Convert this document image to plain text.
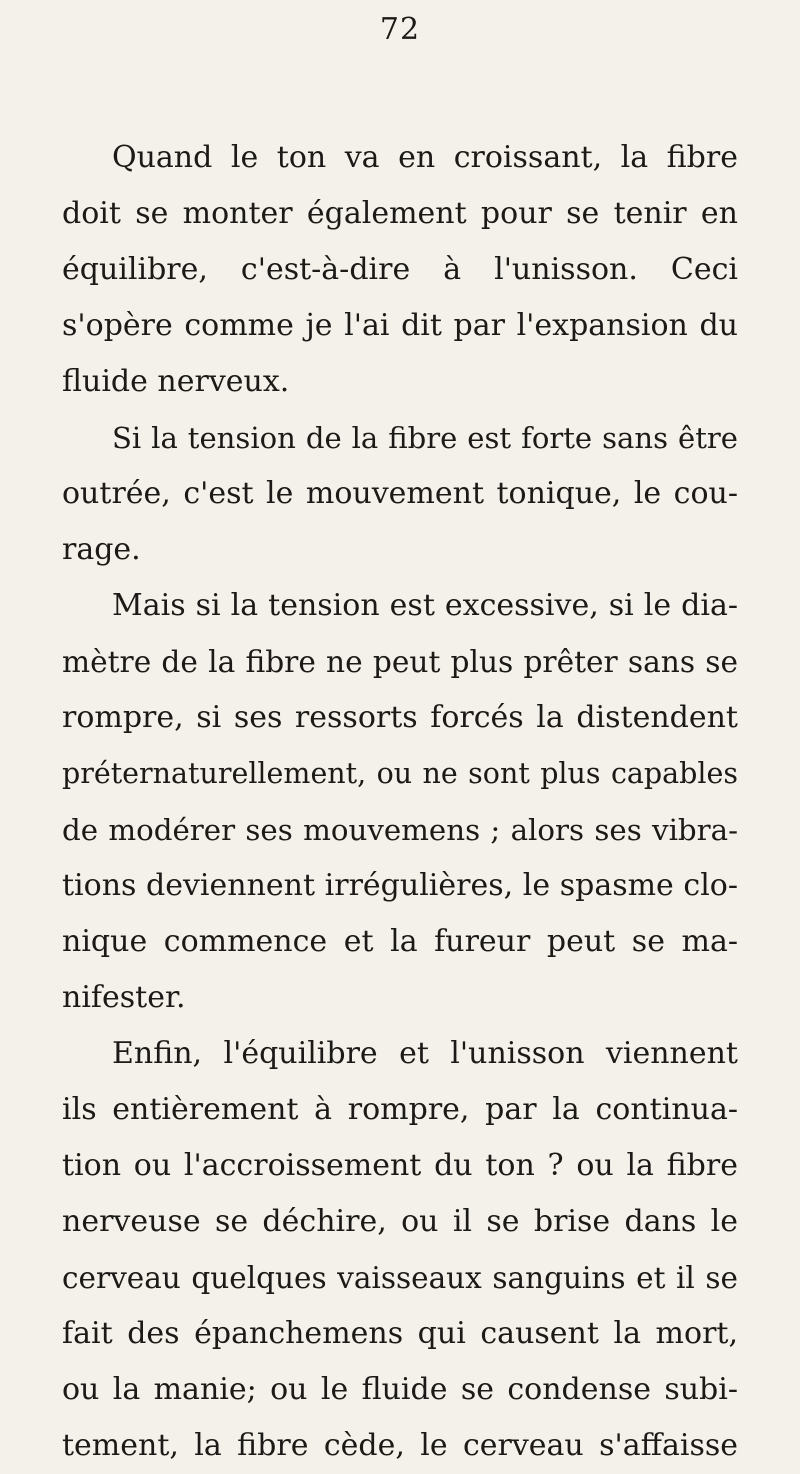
72
Quand le ton va en croissant, la fibre
doit se monter également pour se tenir en
équilibre, c'est-à-dire à l'unisson. Ceci
s'opère comme je l'ai dit par l'expansion du
fluide nerveux.
Si la tension de la fibre est forte sans être
outrée, c'est le mouvement tonique, le cou-
rage.
Mais si la tension est excessive, si le dia-
mètre de la fibre ne peut plus prêter sans se
rompre, si ses ressorts forcés la distendent
préternaturellement, ou ne sont plus capables
de modérer ses mouvemens ; alors ses vibra-
tions deviennent irrégulières, le spasme clo-
nique commence et la fureur peut se ma-
nifester.
Enfin, l'équilibre et l'unisson viennent
ils entièrement à rompre, par la continua-
tion ou l'accroissement du ton ? ou la fibre
nerveuse se déchire, ou il se brise dans le
cerveau quelques vaisseaux sanguins et il se
fait des épanchemens qui causent la mort,
ou la manie; ou le fluide se condense subi-
tement, la fibre cède, le cerveau s'affaisse
